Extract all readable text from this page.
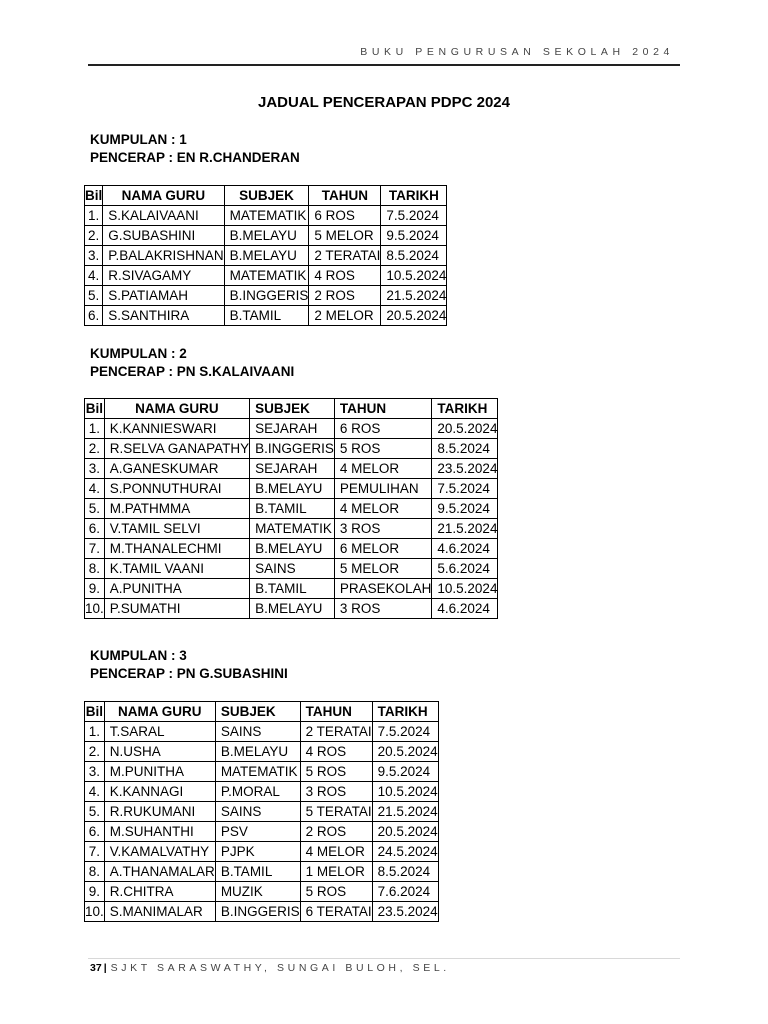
BUKU PENGURUSAN SEKOLAH 2024
JADUAL PENCERAPAN PDPC 2024
KUMPULAN : 1
PENCERAP : EN R.CHANDERAN
Bil	NAMA GURU	SUBJEK	TAHUN	TARIKH
1.	S.KALAIVAANI	MATEMATIK	6 ROS	7.5.2024
2.	G.SUBASHINI	B.MELAYU	5 MELOR	9.5.2024
3.	P.BALAKRISHNAN	B.MELAYU	2 TERATAI	8.5.2024
4.	R.SIVAGAMY	MATEMATIK	4 ROS	10.5.2024
5.	S.PATIAMAH	B.INGGERIS	2 ROS	21.5.2024
6.	S.SANTHIRA	B.TAMIL	2 MELOR	20.5.2024
KUMPULAN : 2
PENCERAP : PN S.KALAIVAANI
Bil	NAMA GURU	SUBJEK	TAHUN	TARIKH
1.	K.KANNIESWARI	SEJARAH	6 ROS	20.5.2024
2.	R.SELVA GANAPATHY	B.INGGERIS	5 ROS	8.5.2024
3.	A.GANESKUMAR	SEJARAH	4 MELOR	23.5.2024
4.	S.PONNUTHURAI	B.MELAYU	PEMULIHAN	7.5.2024
5.	M.PATHMMA	B.TAMIL	4 MELOR	9.5.2024
6.	V.TAMIL SELVI	MATEMATIK	3 ROS	21.5.2024
7.	M.THANALECHMI	B.MELAYU	6 MELOR	4.6.2024
8.	K.TAMIL VAANI	SAINS	5 MELOR	5.6.2024
9.	A.PUNITHA	B.TAMIL	PRASEKOLAH	10.5.2024
10.	P.SUMATHI	B.MELAYU	3 ROS	4.6.2024
KUMPULAN : 3
PENCERAP : PN G.SUBASHINI
Bil	NAMA GURU	SUBJEK	TAHUN	TARIKH
1.	T.SARAL	SAINS	2 TERATAI	7.5.2024
2.	N.USHA	B.MELAYU	4 ROS	20.5.2024
3.	M.PUNITHA	MATEMATIK	5 ROS	9.5.2024
4.	K.KANNAGI	P.MORAL	3 ROS	10.5.2024
5.	R.RUKUMANI	SAINS	5 TERATAI	21.5.2024
6.	M.SUHANTHI	PSV	2 ROS	20.5.2024
7.	V.KAMALVATHY	PJPK	4 MELOR	24.5.2024
8.	A.THANAMALAR	B.TAMIL	1 MELOR	8.5.2024
9.	R.CHITRA	MUZIK	5 ROS	7.6.2024
10.	S.MANIMALAR	B.INGGERIS	6 TERATAI	23.5.2024
37 | SJKT SARASWATHY, SUNGAI BULOH, SEL.
